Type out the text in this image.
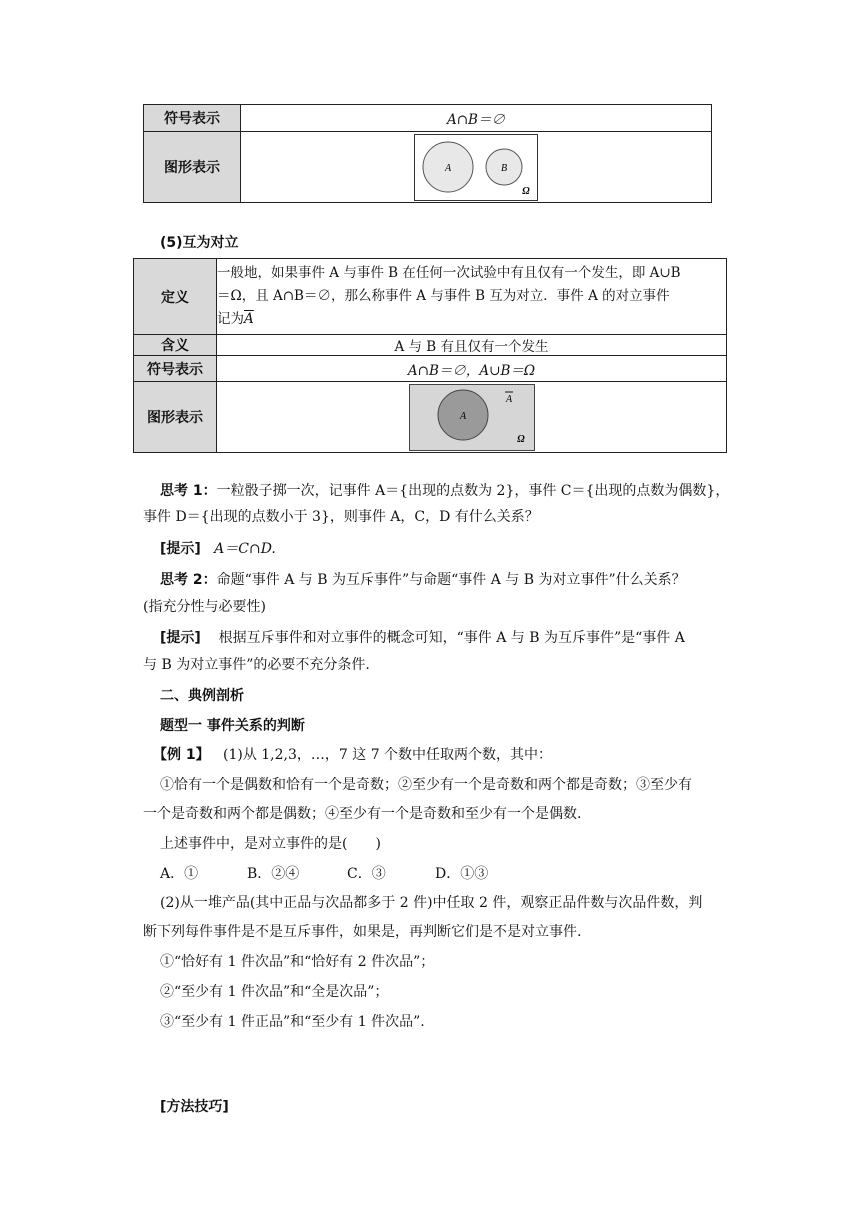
符号表示	A∩B＝∅
图形表示	A B
Ω
(5)互为对立
定义	一般地，如果事件 A 与事件 B 在任何一次试验中有且仅有一个发生，即 A∪B
＝Ω，且 A∩B＝∅，那么称事件 A 与事件 B 互为对立．事件 A 的对立事件
记为$\overline{A}$

含义	A 与 B 有且仅有一个发生
符号表示	A∩B＝∅，A∪B＝Ω
图形表示	A
A
Ω
思考 1：一粒骰子掷一次，记事件 A＝{出现的点数为 2}，事件 C＝{出现的点数为偶数}，
事件 D＝{出现的点数小于 3}，则事件 A，C，D 有什么关系？
[提示] A＝C∩D.
思考 2：命题“事件 A 与 B 为互斥事件”与命题“事件 A 与 B 为对立事件”什么关系？
(指充分性与必要性)
[提示] 根据互斥事件和对立事件的概念可知，“事件 A 与 B 为互斥事件”是“事件 A
与 B 为对立事件”的必要不充分条件.
二、典例剖析
题型一 事件关系的判断
【例 1】 (1)从 1,2,3，…，7 这 7 个数中任取两个数，其中：
①恰有一个是偶数和恰有一个是奇数；②至少有一个是奇数和两个都是奇数；③至少有
一个是奇数和两个都是偶数；④至少有一个是奇数和至少有一个是偶数.
上述事件中，是对立事件的是(　　)
A．①	B．②④	C．③	D．①③
(2)从一堆产品(其中正品与次品都多于 2 件)中任取 2 件，观察正品件数与次品件数，判
断下列每件事件是不是互斥事件，如果是，再判断它们是不是对立事件.
①“恰好有 1 件次品”和“恰好有 2 件次品”；
②“至少有 1 件次品”和“全是次品”；
③“至少有 1 件正品”和“至少有 1 件次品”.
[方法技巧]
